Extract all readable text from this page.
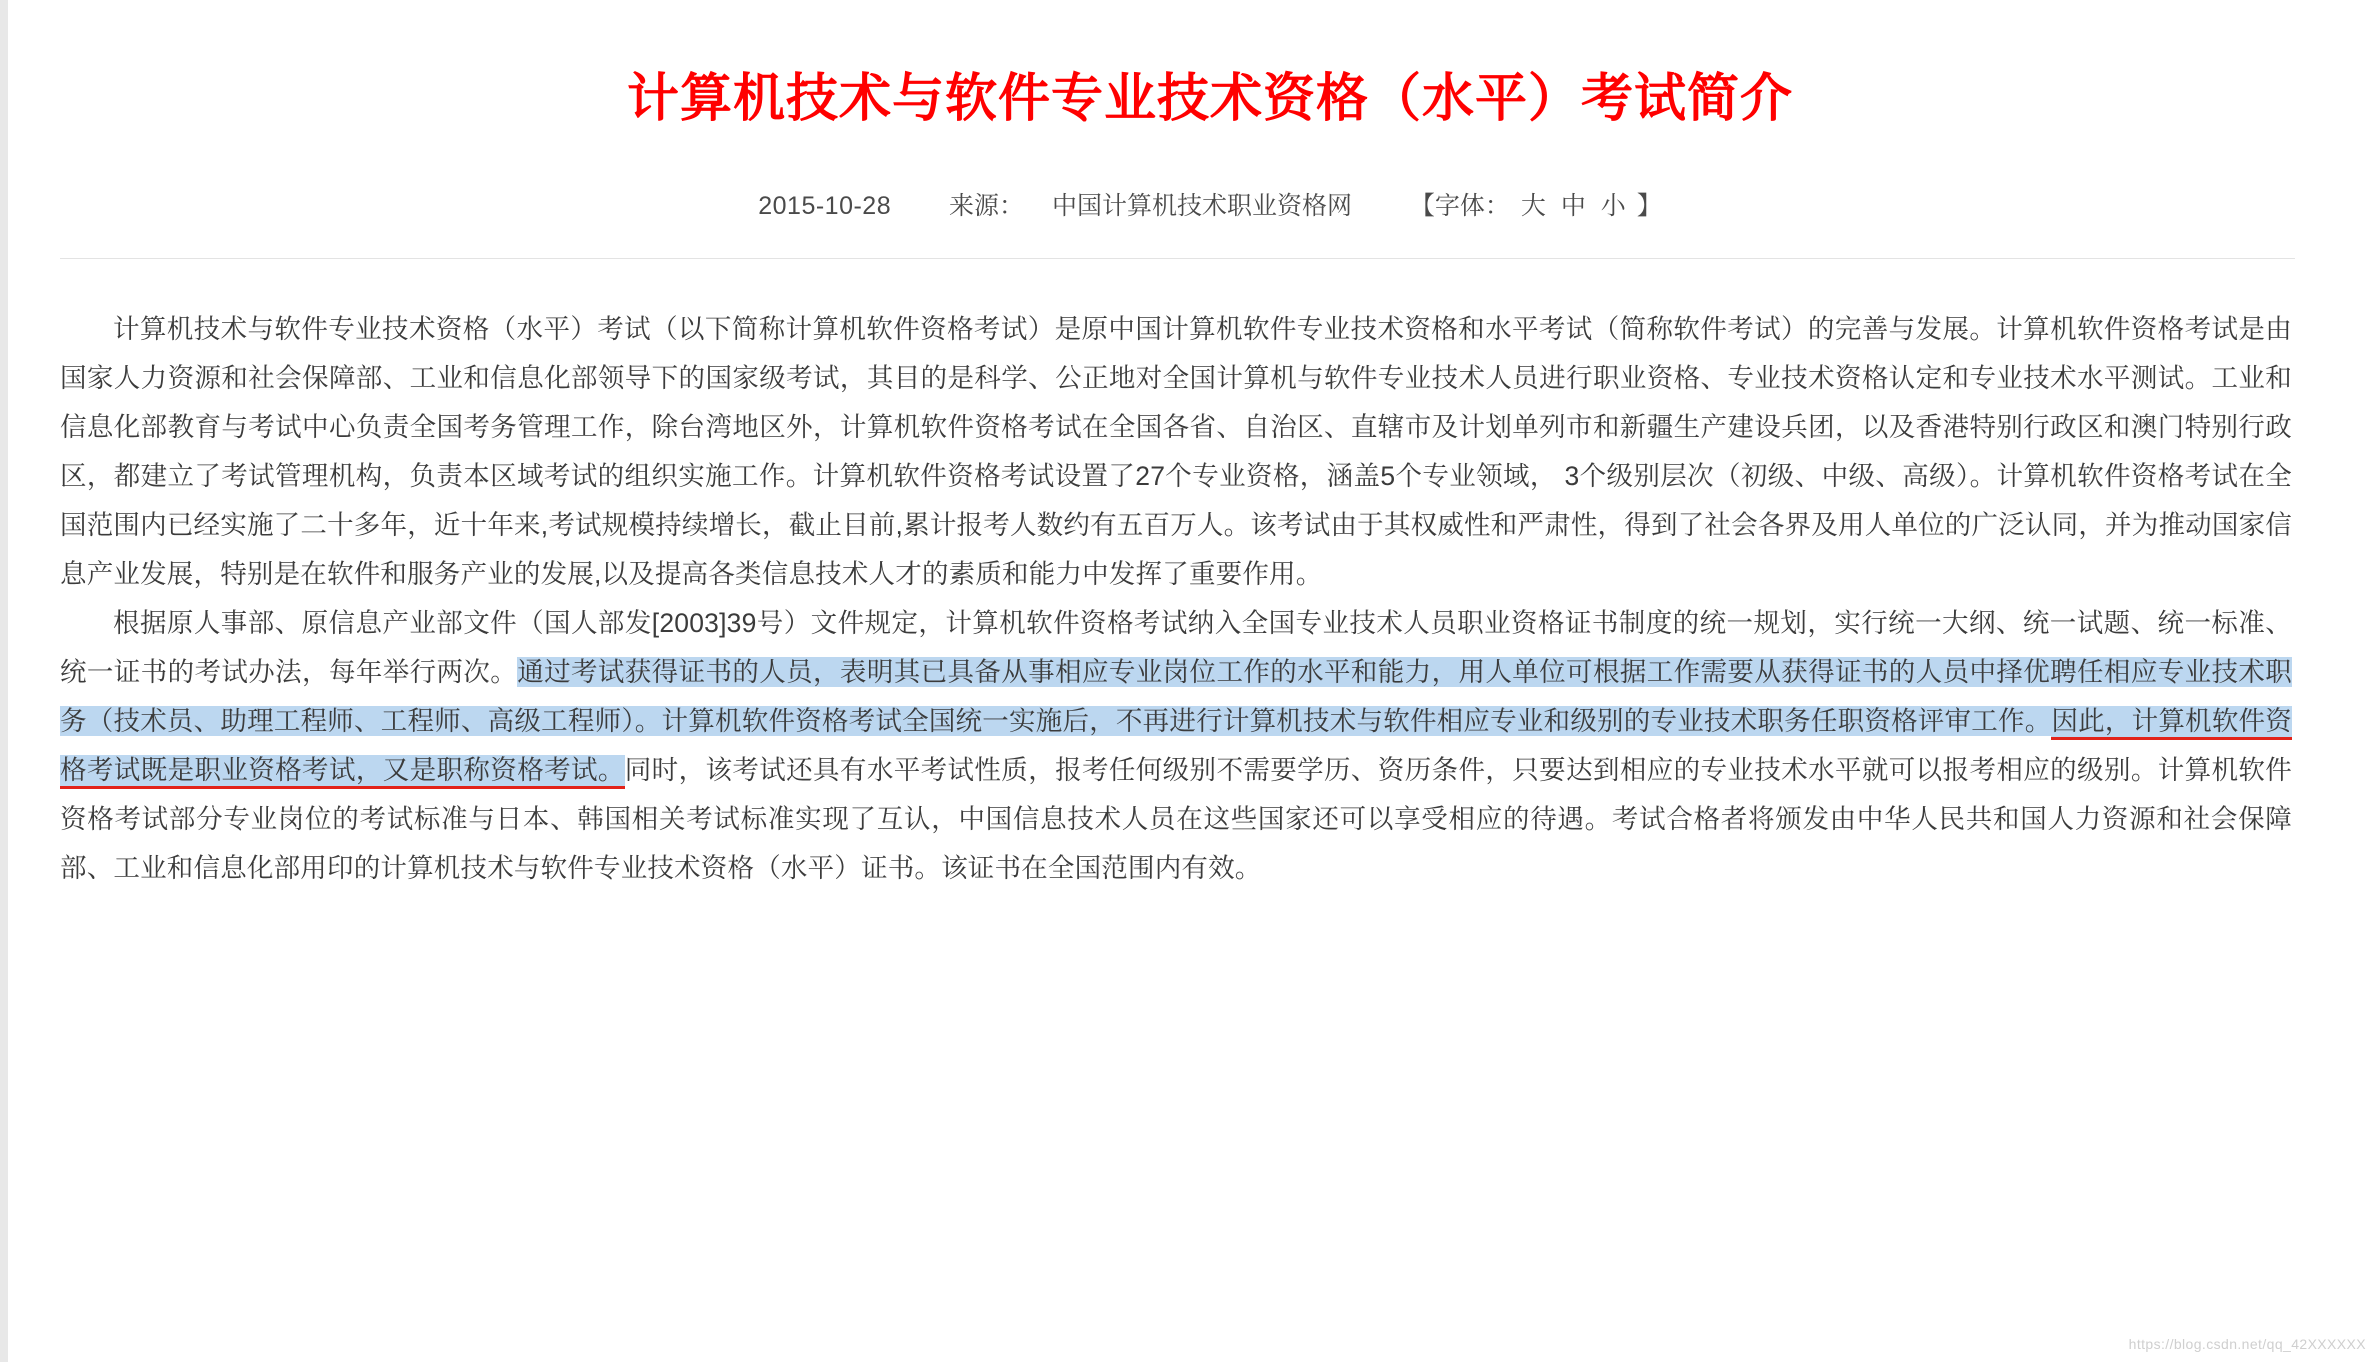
计算机技术与软件专业技术资格（水平）考试简介
2015-10-28 来源： 中国计算机技术职业资格网 【字体： 大 中 小 】

计算机技术与软件专业技术资格（水平）考试（以下简称计算机软件资格考试）是原中国计算机软件专业技术资格和水平考试（简称软件考试）的完善与发展。计算机软件资格考试是由国家人力资源和社会保障部、工业和信息化部领导下的国家级考试，其目的是科学、公正地对全国计算机与软件专业技术人员进行职业资格、专业技术资格认定和专业技术水平测试。工业和信息化部教育与考试中心负责全国考务管理工作，除台湾地区外，计算机软件资格考试在全国各省、自治区、直辖市及计划单列市和新疆生产建设兵团，以及香港特别行政区和澳门特别行政区，都建立了考试管理机构，负责本区域考试的组织实施工作。计算机软件资格考试设置了27个专业资格，涵盖5个专业领域， 3个级别层次（初级、中级、高级）。计算机软件资格考试在全国范围内已经实施了二十多年，近十年来,考试规模持续增长，截止目前,累计报考人数约有五百万人。该考试由于其权威性和严肃性，得到了社会各界及用人单位的广泛认同，并为推动国家信息产业发展，特别是在软件和服务产业的发展,以及提高各类信息技术人才的素质和能力中发挥了重要作用。

根据原人事部、原信息产业部文件（国人部发[2003]39号）文件规定，计算机软件资格考试纳入全国专业技术人员职业资格证书制度的统一规划，实行统一大纲、统一试题、统一标准、统一证书的考试办法，每年举行两次。通过考试获得证书的人员，表明其已具备从事相应专业岗位工作的水平和能力，用人单位可根据工作需要从获得证书的人员中择优聘任相应专业技术职务（技术员、助理工程师、工程师、高级工程师）。计算机软件资格考试全国统一实施后，不再进行计算机技术与软件相应专业和级别的专业技术职务任职资格评审工作。因此，计算机软件资格考试既是职业资格考试，又是职称资格考试。同时，该考试还具有水平考试性质，报考任何级别不需要学历、资历条件，只要达到相应的专业技术水平就可以报考相应的级别。计算机软件资格考试部分专业岗位的考试标准与日本、韩国相关考试标准实现了互认，中国信息技术人员在这些国家还可以享受相应的待遇。考试合格者将颁发由中华人民共和国人力资源和社会保障部、工业和信息化部用印的计算机技术与软件专业技术资格（水平）证书。该证书在全国范围内有效。

https://blog.csdn.net/qq_42XXXXXX
